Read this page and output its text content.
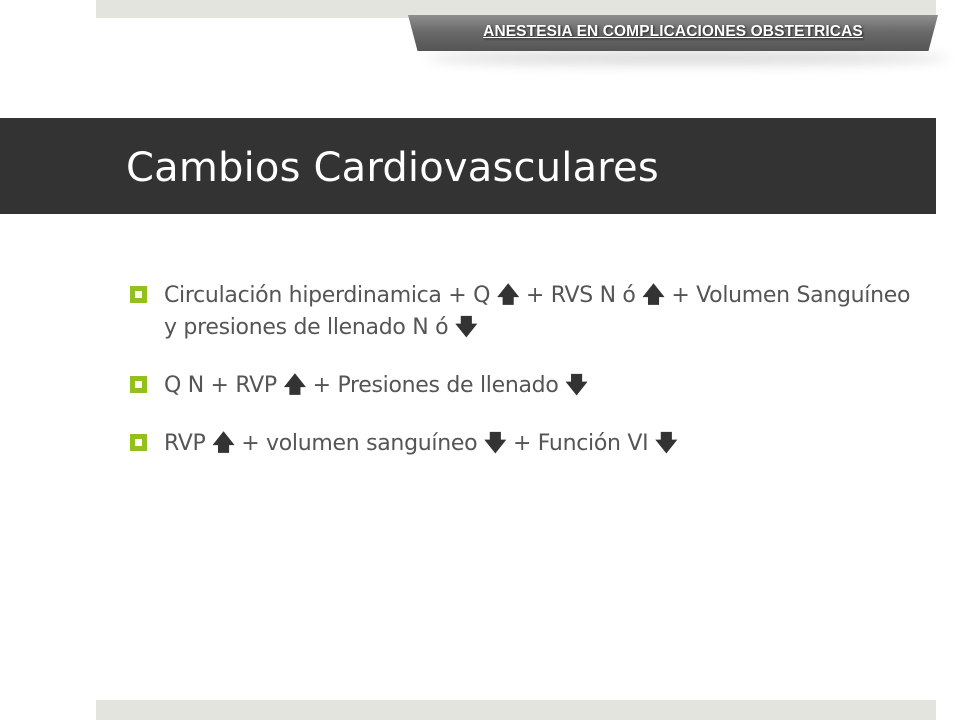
ANESTESIA EN COMPLICACIONES OBSTETRICAS
Cambios Cardiovasculares
Circulación hiperdinamica + Q 🡅 + RVS N ó 🡅 + Volumen Sanguíneo y presiones de llenado N ó 🡇
Q N + RVP 🡅 + Presiones de llenado 🡇
RVP 🡅 + volumen sanguíneo 🡇 + Función VI 🡇
